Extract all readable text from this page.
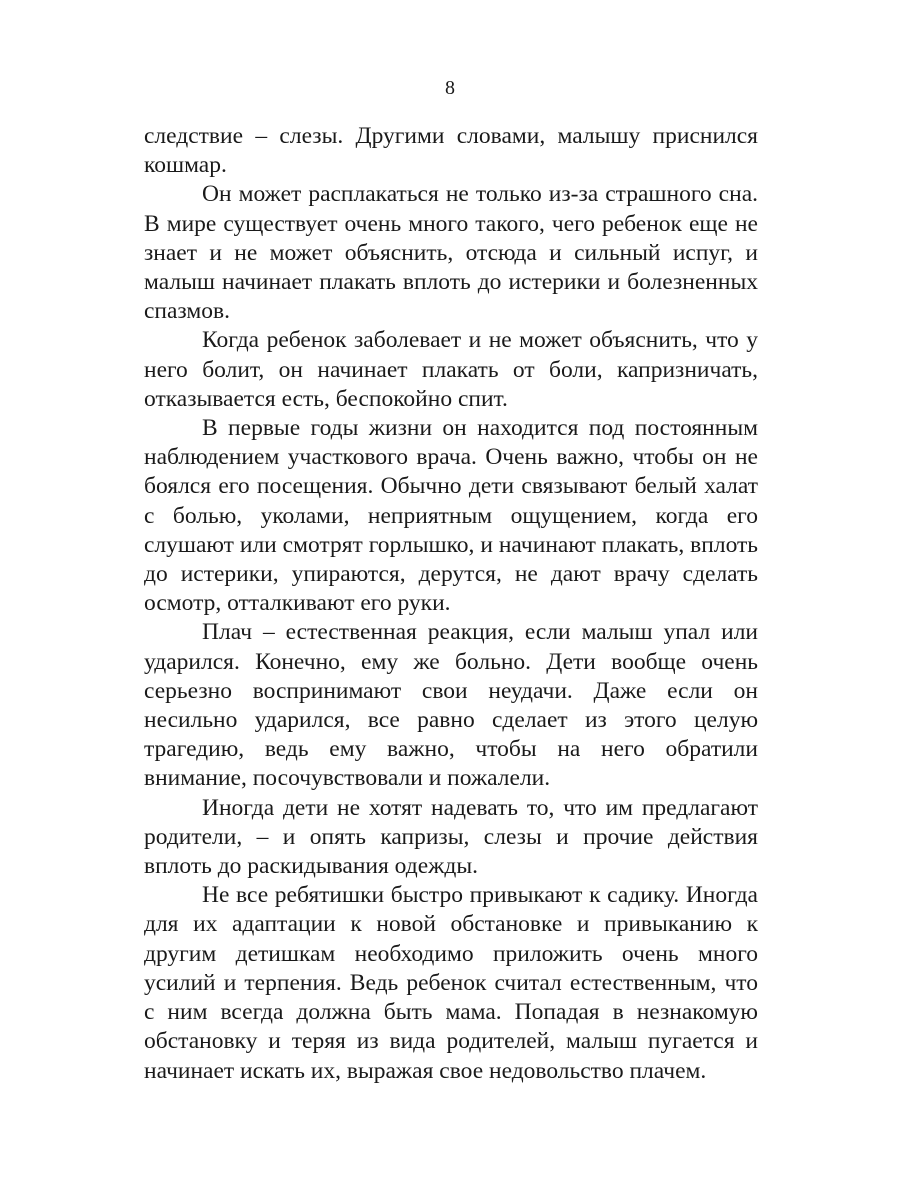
8

следствие – слезы. Другими словами, малышу приснился кошмар.

Он может расплакаться не только из-за страшного сна. В мире существует очень много такого, чего ребенок еще не знает и не может объяснить, отсюда и сильный испуг, и малыш начинает плакать вплоть до истерики и болезненных спазмов.

Когда ребенок заболевает и не может объяснить, что у него болит, он начинает плакать от боли, капризничать, отказывается есть, беспокойно спит.

В первые годы жизни он находится под постоянным наблюдением участкового врача. Очень важно, чтобы он не боялся его посещения. Обычно дети связывают белый халат с болью, уколами, неприятным ощущением, когда его слушают или смотрят горлышко, и начинают плакать, вплоть до истерики, упираются, дерутся, не дают врачу сделать осмотр, отталкивают его руки.

Плач – естественная реакция, если малыш упал или ударился. Конечно, ему же больно. Дети вообще очень серьезно воспринимают свои неудачи. Даже если он несильно ударился, все равно сделает из этого целую трагедию, ведь ему важно, чтобы на него обратили внимание, посочувствовали и пожалели.

Иногда дети не хотят надевать то, что им предлагают родители, – и опять капризы, слезы и прочие действия вплоть до раскидывания одежды.

Не все ребятишки быстро привыкают к садику. Иногда для их адаптации к новой обстановке и привыканию к другим детишкам необходимо приложить очень много усилий и терпения. Ведь ребенок считал естественным, что с ним всегда должна быть мама. Попадая в незнакомую обстановку и теряя из вида родителей, малыш пугается и начинает искать их, выражая свое недовольство плачем.
